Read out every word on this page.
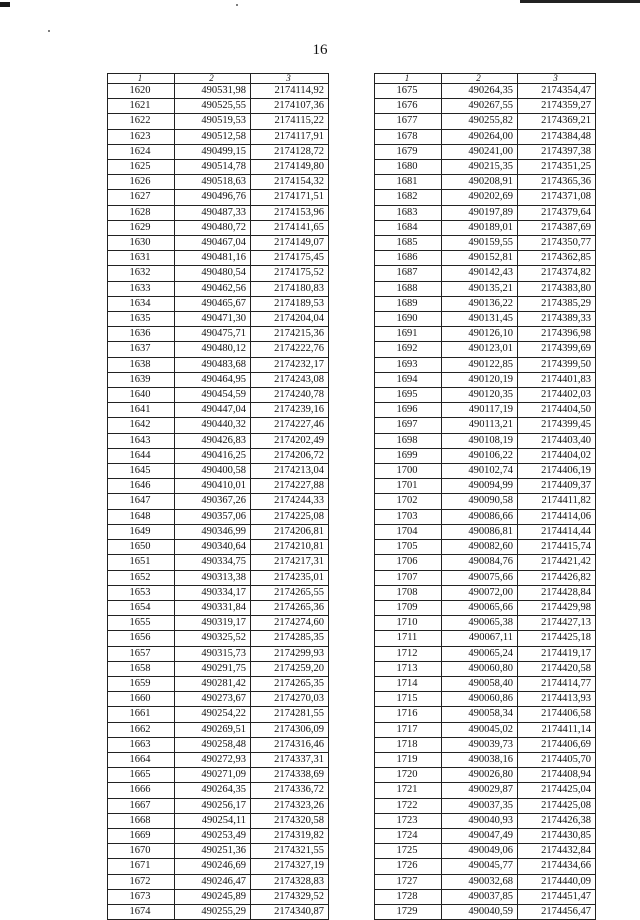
16
1	2	3
1620	490531,98	2174114,92
1621	490525,55	2174107,36
1622	490519,53	2174115,22
1623	490512,58	2174117,91
1624	490499,15	2174128,72
1625	490514,78	2174149,80
1626	490518,63	2174154,32
1627	490496,76	2174171,51
1628	490487,33	2174153,96
1629	490480,72	2174141,65
1630	490467,04	2174149,07
1631	490481,16	2174175,45
1632	490480,54	2174175,52
1633	490462,56	2174180,83
1634	490465,67	2174189,53
1635	490471,30	2174204,04
1636	490475,71	2174215,36
1637	490480,12	2174222,76
1638	490483,68	2174232,17
1639	490464,95	2174243,08
1640	490454,59	2174240,78
1641	490447,04	2174239,16
1642	490440,32	2174227,46
1643	490426,83	2174202,49
1644	490416,25	2174206,72
1645	490400,58	2174213,04
1646	490410,01	2174227,88
1647	490367,26	2174244,33
1648	490357,06	2174225,08
1649	490346,99	2174206,81
1650	490340,64	2174210,81
1651	490334,75	2174217,31
1652	490313,38	2174235,01
1653	490334,17	2174265,55
1654	490331,84	2174265,36
1655	490319,17	2174274,60
1656	490325,52	2174285,35
1657	490315,73	2174299,93
1658	490291,75	2174259,20
1659	490281,42	2174265,35
1660	490273,67	2174270,03
1661	490254,22	2174281,55
1662	490269,51	2174306,09
1663	490258,48	2174316,46
1664	490272,93	2174337,31
1665	490271,09	2174338,69
1666	490264,35	2174336,72
1667	490256,17	2174323,26
1668	490254,11	2174320,58
1669	490253,49	2174319,82
1670	490251,36	2174321,55
1671	490246,69	2174327,19
1672	490246,47	2174328,83
1673	490245,89	2174329,52
1674	490255,29	2174340,87
1	2	3
1675	490264,35	2174354,47
1676	490267,55	2174359,27
1677	490255,82	2174369,21
1678	490264,00	2174384,48
1679	490241,00	2174397,38
1680	490215,35	2174351,25
1681	490208,91	2174365,36
1682	490202,69	2174371,08
1683	490197,89	2174379,64
1684	490189,01	2174387,69
1685	490159,55	2174350,77
1686	490152,81	2174362,85
1687	490142,43	2174374,82
1688	490135,21	2174383,80
1689	490136,22	2174385,29
1690	490131,45	2174389,33
1691	490126,10	2174396,98
1692	490123,01	2174399,69
1693	490122,85	2174399,50
1694	490120,19	2174401,83
1695	490120,35	2174402,03
1696	490117,19	2174404,50
1697	490113,21	2174399,45
1698	490108,19	2174403,40
1699	490106,22	2174404,02
1700	490102,74	2174406,19
1701	490094,99	2174409,37
1702	490090,58	2174411,82
1703	490086,66	2174414,06
1704	490086,81	2174414,44
1705	490082,60	2174415,74
1706	490084,76	2174421,42
1707	490075,66	2174426,82
1708	490072,00	2174428,84
1709	490065,66	2174429,98
1710	490065,38	2174427,13
1711	490067,11	2174425,18
1712	490065,24	2174419,17
1713	490060,80	2174420,58
1714	490058,40	2174414,77
1715	490060,86	2174413,93
1716	490058,34	2174406,58
1717	490045,02	2174411,14
1718	490039,73	2174406,69
1719	490038,16	2174405,70
1720	490026,80	2174408,94
1721	490029,87	2174425,04
1722	490037,35	2174425,08
1723	490040,93	2174426,38
1724	490047,49	2174430,85
1725	490049,06	2174432,84
1726	490045,77	2174434,66
1727	490032,68	2174440,09
1728	490037,85	2174451,47
1729	490040,59	2174456,47
